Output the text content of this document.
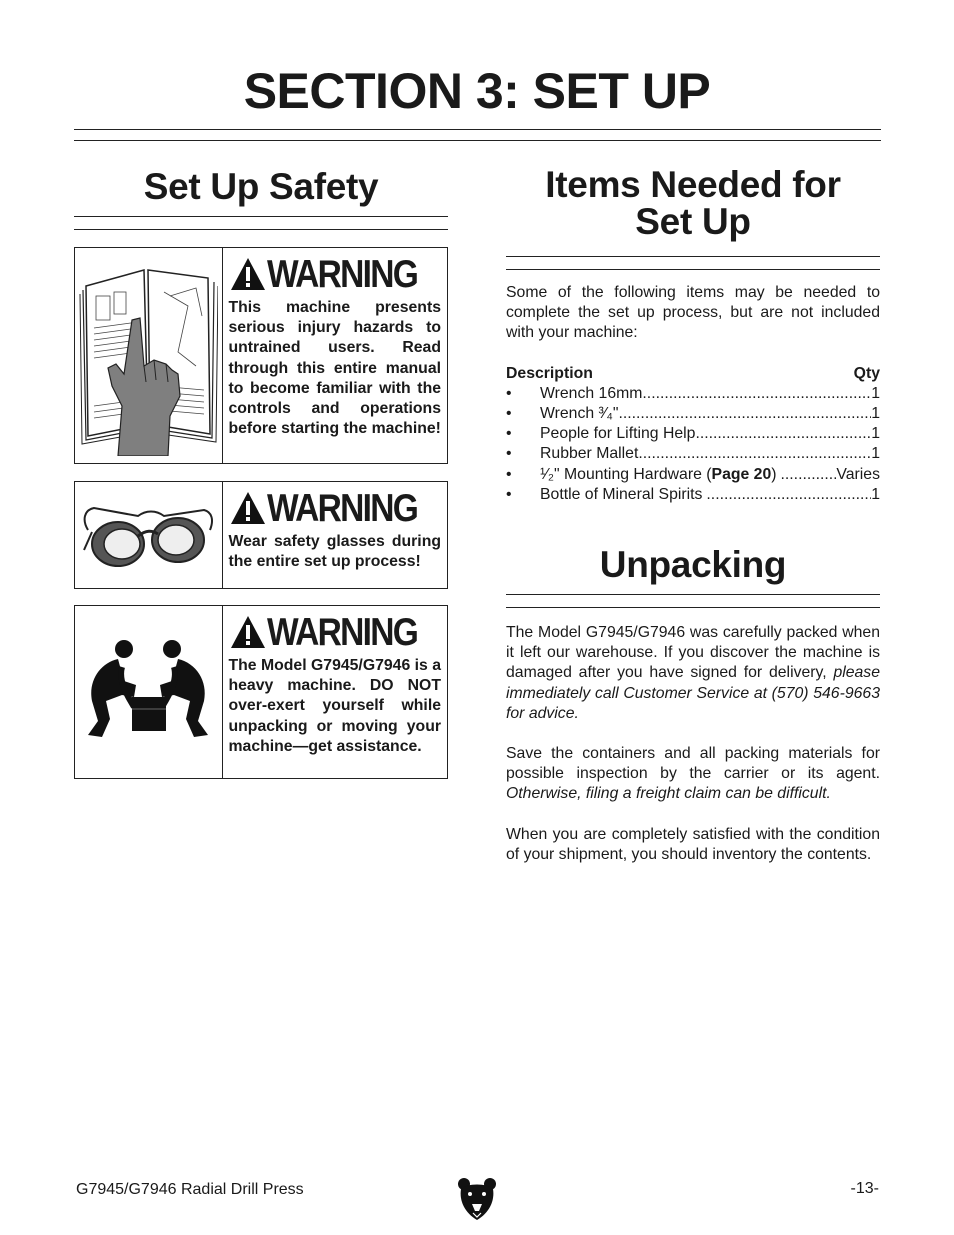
SECTION 3: SET UP
Set Up Safety
WARNING
This machine presents serious injury hazards to untrained users. Read through this entire manual to become familiar with the controls and operations before starting the machine!
WARNING
Wear safety glasses during the entire set up process!
WARNING
The Model G7945/G7946 is a heavy machine. DO NOT over-exert yourself while unpacking or moving your machine—get assistance.
Items Needed for
Set Up

Some of the following items may be needed to complete the set up process, but are not included with your machine:

Description	Qty
•	Wrench 16mm .....	1
•	Wrench ³⁄₄" .....	1
•	People for Lifting Help .....	1
•	Rubber Mallet .....	1
•	¹⁄₂" Mounting Hardware (Page 20) .....	Varies
•	Bottle of Mineral Spirits .....	1
Unpacking

The Model G7945/G7946 was carefully packed when it left our warehouse. If you discover the machine is damaged after you have signed for delivery, please immediately call Customer Service at (570) 546-9663 for advice.

Save the containers and all packing materials for possible inspection by the carrier or its agent. Otherwise, filing a freight claim can be difficult.

When you are completely satisfied with the condition of your shipment, you should inventory the contents.

G7945/G7946 Radial Drill Press	-13-
